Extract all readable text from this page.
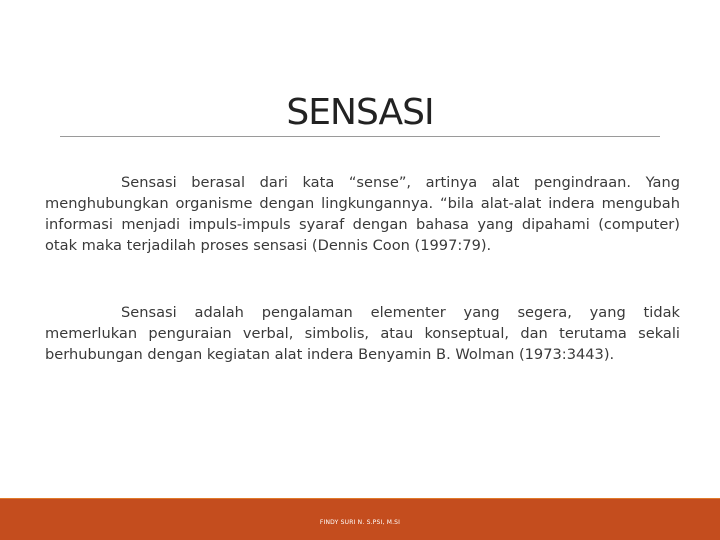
SENSASI

Sensasi berasal dari kata “sense”, artinya alat pengindraan. Yang menghubungkan organisme dengan lingkungannya. “bila alat-alat indera mengubah informasi menjadi impuls-impuls syaraf dengan bahasa yang dipahami (computer) otak maka terjadilah proses sensasi (Dennis Coon (1997:79).

Sensasi adalah pengalaman elementer yang segera, yang tidak memerlukan penguraian verbal, simbolis, atau konseptual, dan terutama sekali berhubungan dengan kegiatan alat indera Benyamin B. Wolman (1973:3443).

FINDY SURI N. S.PSI, M.SI
